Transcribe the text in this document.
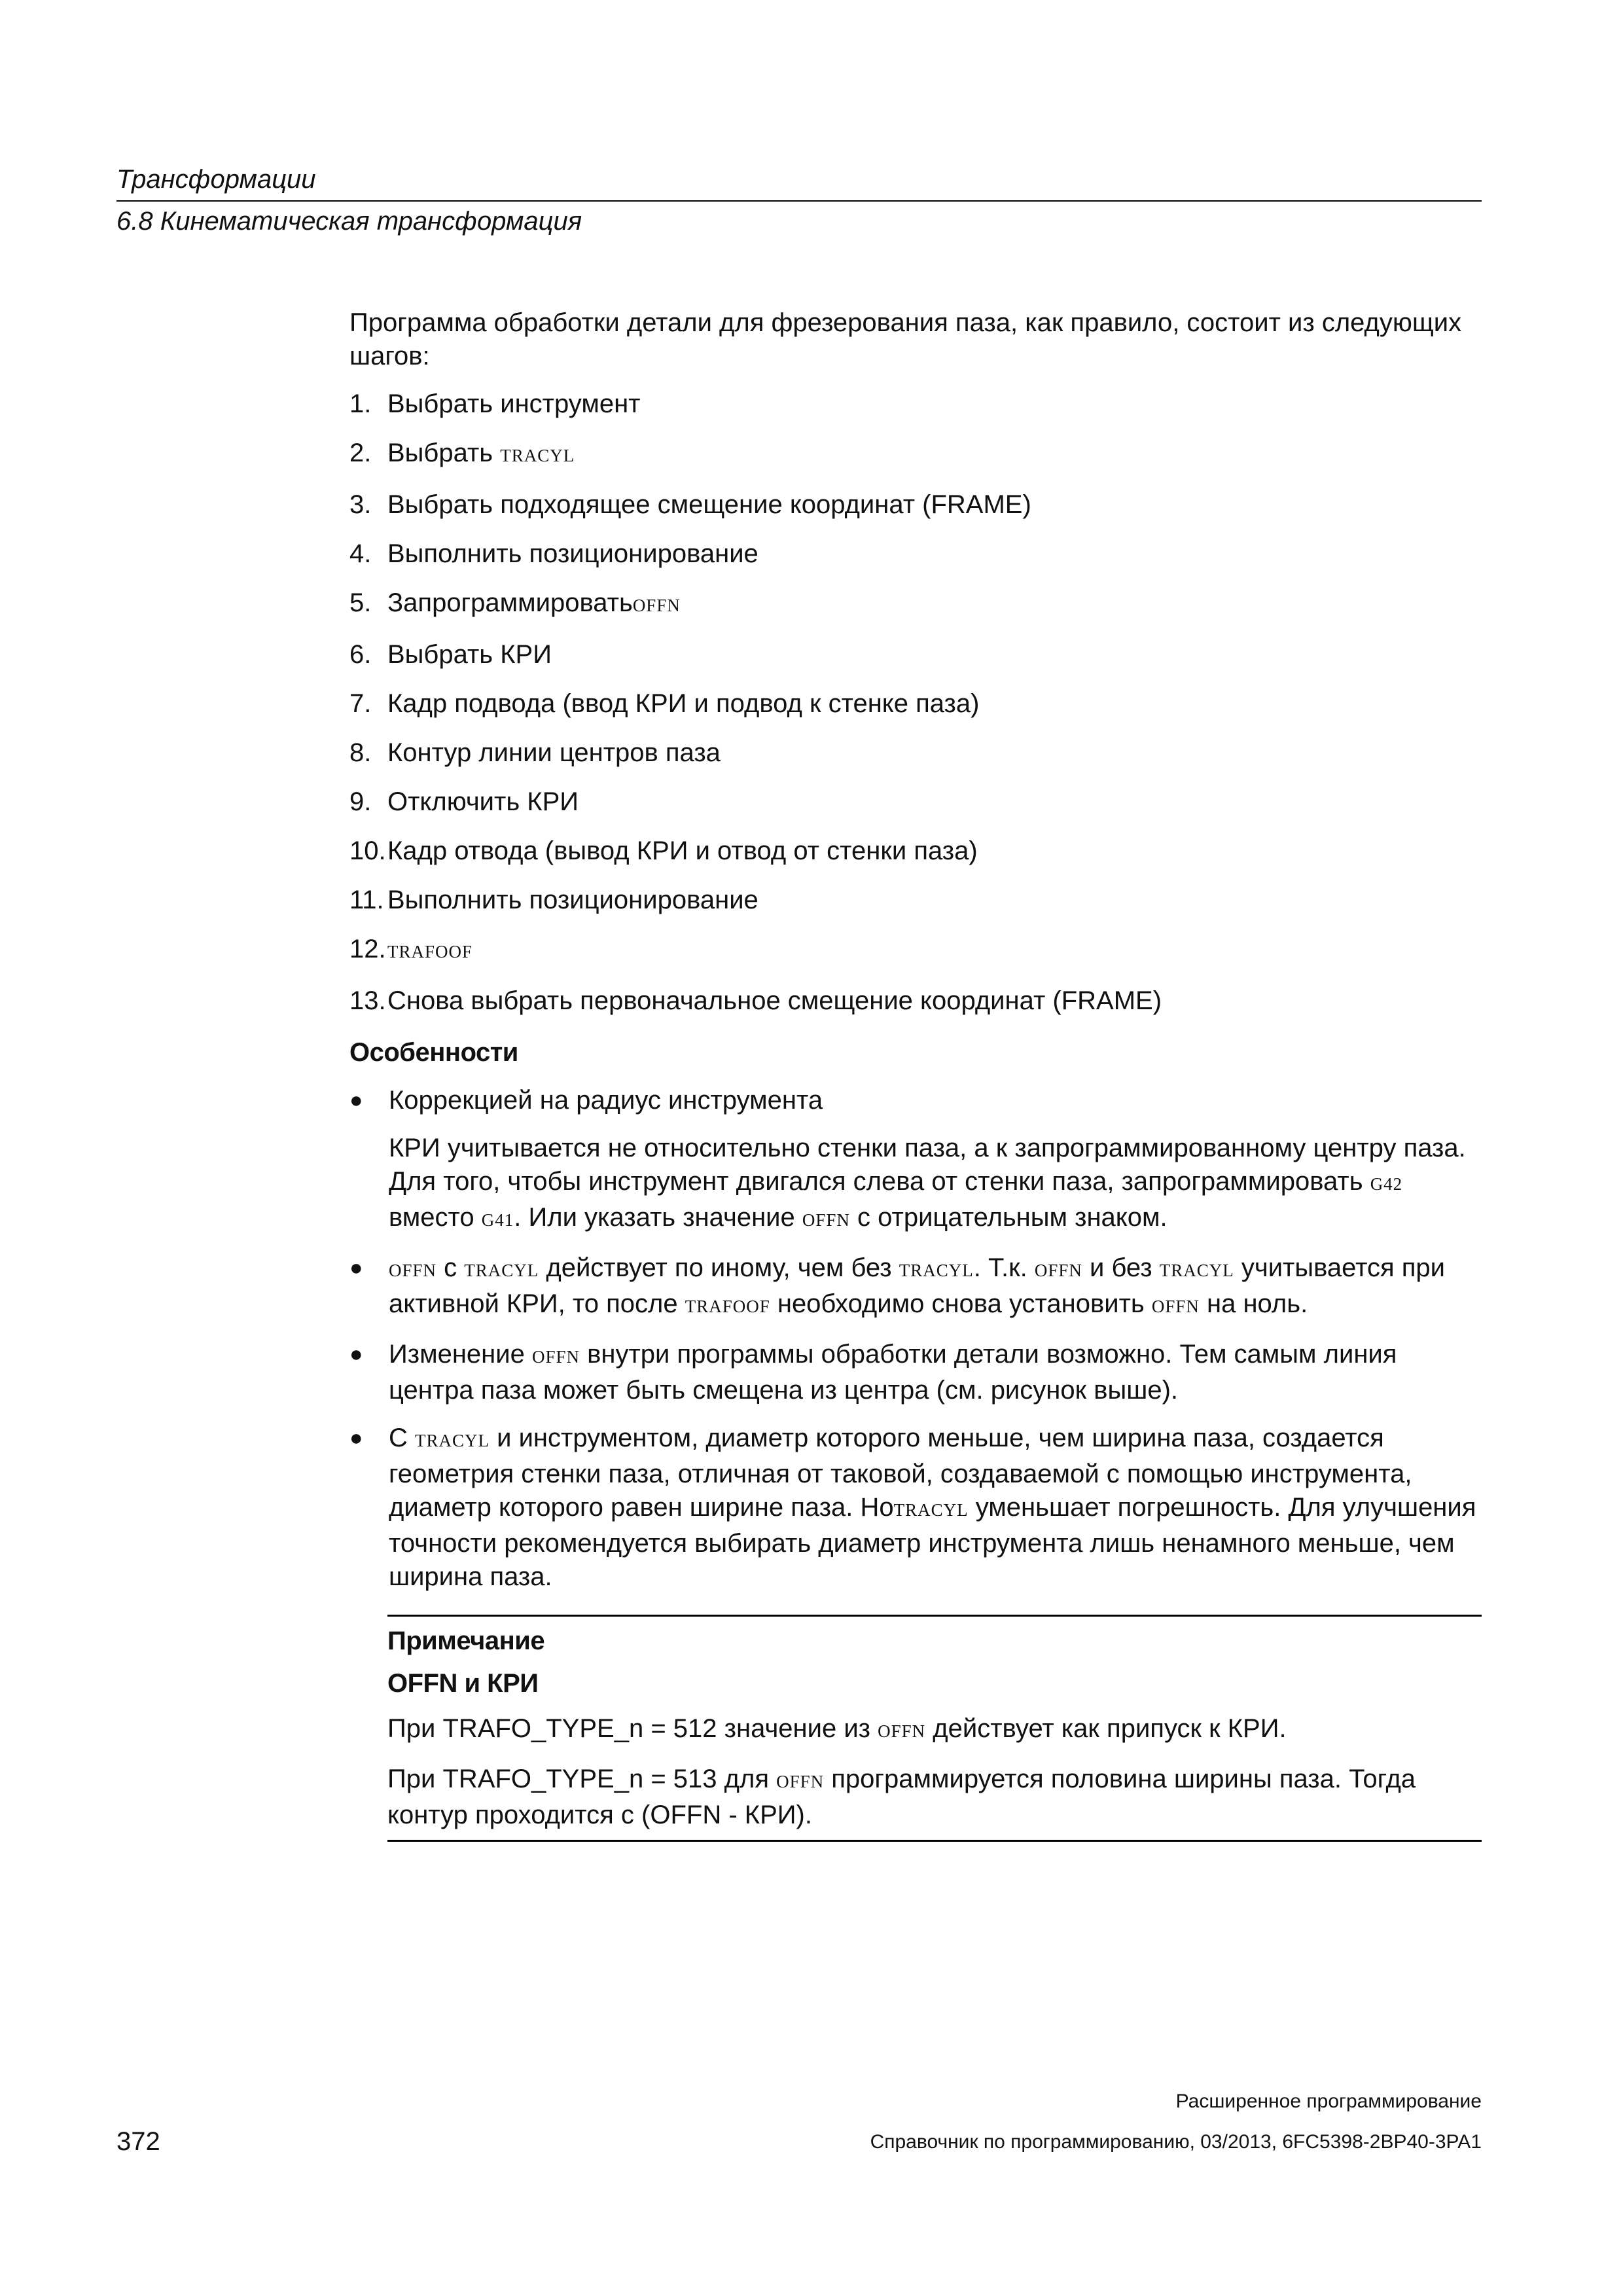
Трансформации
6.8 Кинематическая трансформация

Программа обработки детали для фрезерования паза, как правило, состоит из следующих шагов:

1. Выбрать инструмент
2. Выбрать TRACYL
3. Выбрать подходящее смещение координат (FRAME)
4. Выполнить позиционирование
5. ЗапрограммироватьOFFN
6. Выбрать КРИ
7. Кадр подвода (ввод КРИ и подвод к стенке паза)
8. Контур линии центров паза
9. Отключить КРИ
10.Кадр отвода (вывод КРИ и отвод от стенки паза)
11. Выполнить позиционирование
12.TRAFOOF
13.Снова выбрать первоначальное смещение координат (FRAME)
Особенности
● Коррекцией на радиус инструмента
КРИ учитывается не относительно стенки паза, а к запрограммированному центру паза. Для того, чтобы инструмент двигался слева от стенки паза, запрограммировать G42 вместо G41. Или указать значение OFFN с отрицательным знаком.
● OFFN с TRACYL действует по иному, чем без TRACYL. Т.к. OFFN и без TRACYL учитывается при активной КРИ, то после TRAFOOF необходимо снова установить OFFN на ноль.
● Изменение OFFN внутри программы обработки детали возможно. Тем самым линия центра паза может быть смещена из центра (см. рисунок выше).
● С TRACYL и инструментом, диаметр которого меньше, чем ширина паза, создается геометрия стенки паза, отличная от таковой, создаваемой с помощью инструмента, диаметр которого равен ширине паза. НоTRACYL уменьшает погрешность. Для улучшения точности рекомендуется выбирать диаметр инструмента лишь ненамного меньше, чем ширина паза.
Примечание
OFFN и КРИ

При TRAFO_TYPE_n = 512 значение из OFFN действует как припуск к КРИ.

При TRAFO_TYPE_n = 513 для OFFN программируется половина ширины паза. Тогда контур проходится с (OFFN - КРИ).

Расширенное программирование
372	Справочник по программированию, 03/2013, 6FC5398-2BP40-3PA1
